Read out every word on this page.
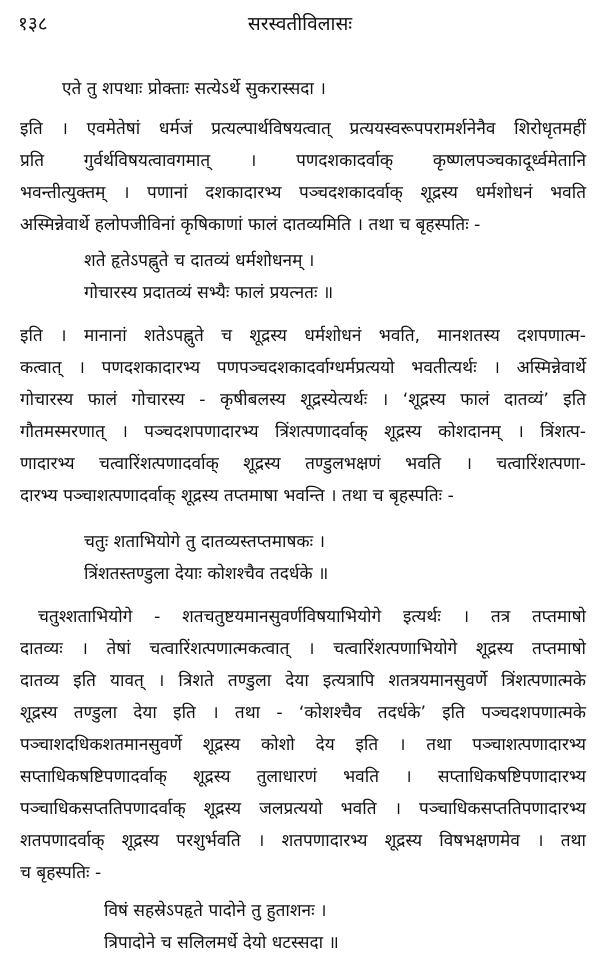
१३८	सरस्वतीविलासः
एते तु शपथाः प्रोक्ताः सत्येऽर्थे सुकरास्सदा ।
इति । एवमेतेषां धर्मजं प्रत्यल्पार्थविषयत्वात् प्रत्ययस्वरूपपरामर्शनेनैव शिरोधृतमहीं
प्रति गुर्वर्थविषयत्वावगमात् । पणदशकादर्वाक् कृष्णलपञ्चकादूर्ध्वमेतानि
भवन्तीत्युक्तम् । पणानां दशकादारभ्य पञ्चदशकादर्वाक् शूद्रस्य धर्मशोधनं भवति
अस्मिन्नेवार्थे हलोपजीविनां कृषिकाणां फालं दातव्यमिति । तथा च बृहस्पतिः -
शते हृतेऽपह्नुते च दातव्यं धर्मशोधनम् ।
गोचारस्य प्रदातव्यं सभ्यैः फालं प्रयत्नतः ॥
इति । मानानां शतेऽपह्नुते च शूद्रस्य धर्मशोधनं भवति, मानशतस्य दशपणात्म-
कत्वात् । पणदशकादारभ्य पणपञ्चदशकादर्वाग्धर्मप्रत्ययो भवतीत्यर्थः । अस्मिन्नेवार्थे
गोचारस्य फालं गोचारस्य - कृषीबलस्य शूद्रस्येत्यर्थः । ‘शूद्रस्य फालं दातव्यं’ इति
गौतमस्मरणात् । पञ्चदशपणादारभ्य त्रिंशत्पणादर्वाक् शूद्रस्य कोशदानम् । त्रिंशत्प-
णादारभ्य चत्वारिंशत्पणादर्वाक् शूद्रस्य तण्डुलभक्षणं भवति । चत्वारिंशत्पणा-
दारभ्य पञ्चाशत्पणादर्वाक् शूद्रस्य तप्तमाषा भवन्ति । तथा च बृहस्पतिः -
चतुः शताभियोगे तु दातव्यस्तप्तमाषकः ।
त्रिंशतस्तण्डुला देयाः कोशश्चैव तदर्धके ॥
चतुश्शताभियोगे - शतचतुष्टयमानसुवर्णविषयाभियोगे इत्यर्थः । तत्र तप्तमाषो
दातव्यः । तेषां चत्वारिंशत्पणात्मकत्वात् । चत्वारिंशत्पणाभियोगे शूद्रस्य तप्तमाषो
दातव्य इति यावत् । त्रिशते तण्डुला देया इत्यत्रापि शतत्रयमानसुवर्णे त्रिंशत्पणात्मके
शूद्रस्य तण्डुला देया इति । तथा - ‘कोशश्चैव तदर्धके’ इति पञ्चदशपणात्मके
पञ्चाशदधिकशतमानसुवर्णे शूद्रस्य कोशो देय इति । तथा पञ्चाशत्पणादारभ्य
सप्ताधिकषष्टिपणादर्वाक् शूद्रस्य तुलाधारणं भवति । सप्ताधिकषष्टिपणादारभ्य
पञ्चाधिकसप्ततिपणादर्वाक् शूद्रस्य जलप्रत्ययो भवति । पञ्चाधिकसप्ततिपणादारभ्य
शतपणादर्वाक् शूद्रस्य परशुर्भवति । शतपणादारभ्य शूद्रस्य विषभक्षणमेव । तथा
च बृहस्पतिः -
विषं सहस्रेऽपहृते पादोने तु हुताशनः ।
त्रिपादोने च सलिलमर्धे देयो धटस्सदा ॥
